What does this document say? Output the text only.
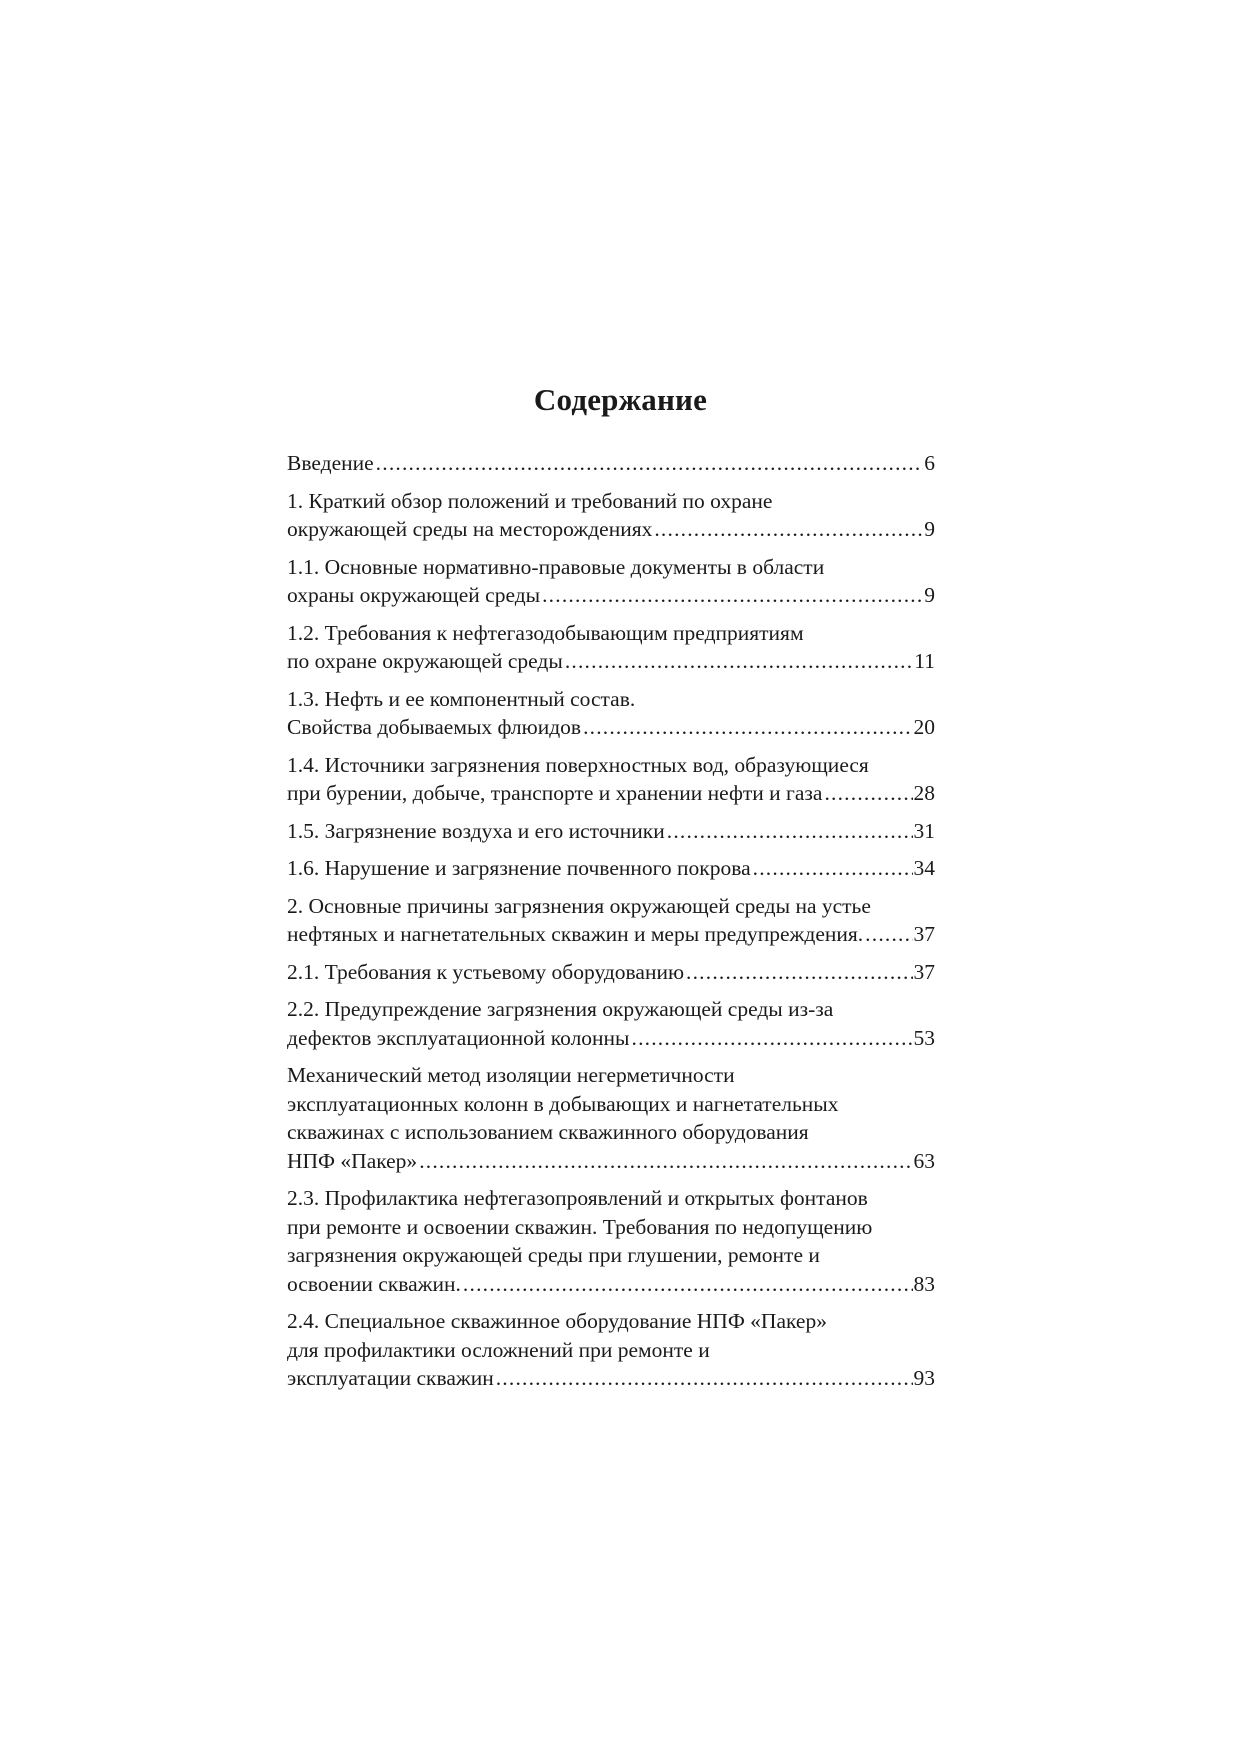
Содержание
Введение .....	6
1. Краткий обзор положений и требований по охране
окружающей среды на месторождениях .....	9
1.1. Основные нормативно-правовые документы в области
охраны окружающей среды .....	9
1.2. Требования к нефтегазодобывающим предприятиям
по охране окружающей среды .....	11
1.3. Нефть и ее компонентный состав.
Свойства добываемых флюидов .....	20
1.4. Источники загрязнения поверхностных вод, образующиеся
при бурении, добыче, транспорте и хранении нефти и газа .....	28
1.5. Загрязнение воздуха и его источники .....	31
1.6. Нарушение и загрязнение почвенного покрова .....	34
2. Основные причины загрязнения окружающей среды на устье
нефтяных и нагнетательных скважин и меры предупреждения. ..... 37
2.1. Требования к устьевому оборудованию .....	37
2.2. Предупреждение загрязнения окружающей среды из-за
дефектов эксплуатационной колонны .....	53
Механический метод изоляции негерметичности
эксплуатационных колонн в добывающих и нагнетательных
скважинах с использованием скважинного оборудования
НПФ «Пакер» .....	63
2.3. Профилактика нефтегазопроявлений и открытых фонтанов
при ремонте и освоении скважин. Требования по недопущению
загрязнения окружающей среды при глушении, ремонте и
освоении скважин. .....	83
2.4. Специальное скважинное оборудование НПФ «Пакер»
для профилактики осложнений при ремонте и
эксплуатации скважин .....	93
